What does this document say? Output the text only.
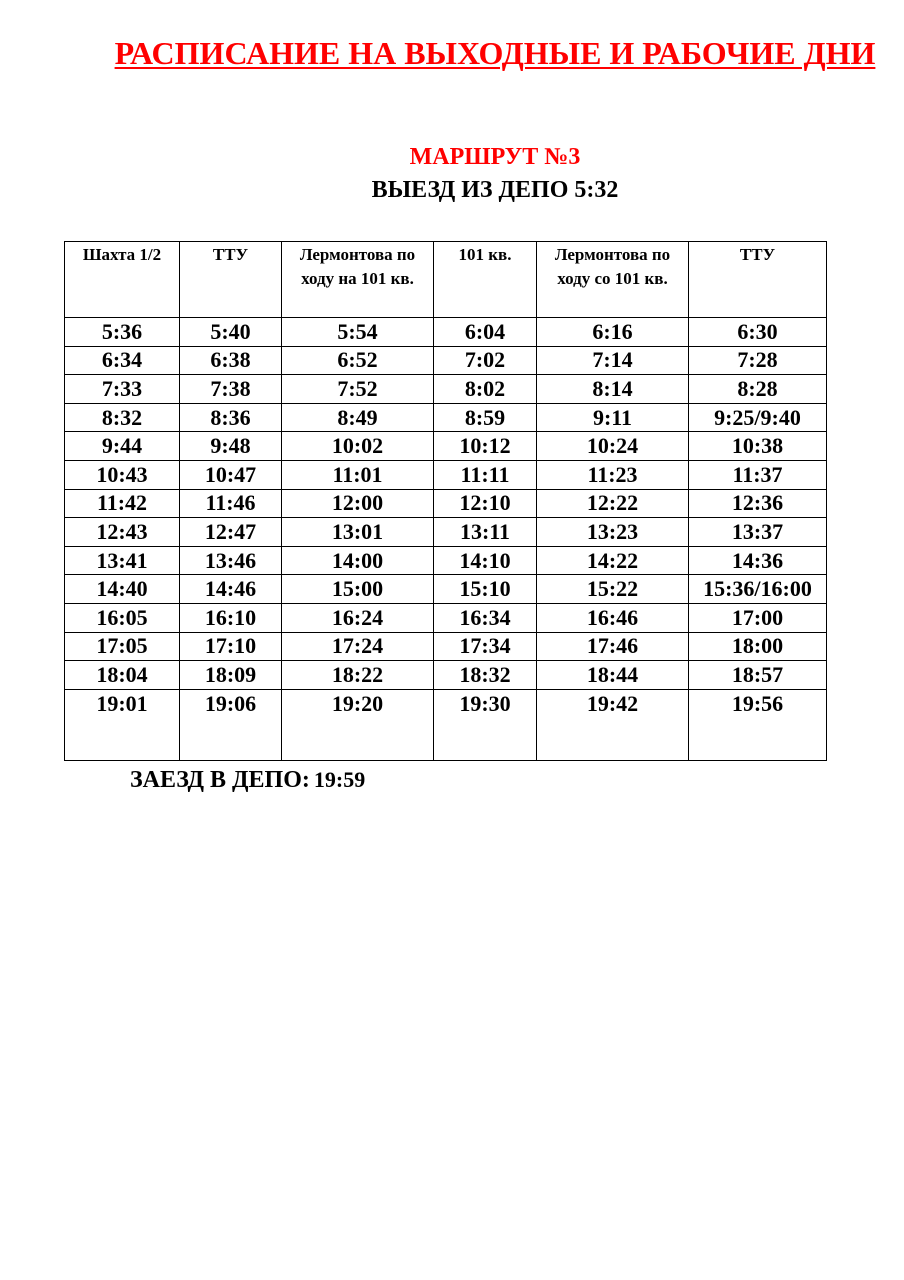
РАСПИСАНИЕ НА ВЫХОДНЫЕ И РАБОЧИЕ ДНИ
МАРШРУТ №3
ВЫЕЗД ИЗ ДЕПО 5:32
Шахта 1/2	ТТУ	Лермонтова по ходу на 101 кв.	101 кв.	Лермонтова по ходу со 101 кв.	ТТУ
5:36	5:40	5:54	6:04	6:16	6:30
6:34	6:38	6:52	7:02	7:14	7:28
7:33	7:38	7:52	8:02	8:14	8:28
8:32	8:36	8:49	8:59	9:11	9:25/9:40
9:44	9:48	10:02	10:12	10:24	10:38
10:43	10:47	11:01	11:11	11:23	11:37
11:42	11:46	12:00	12:10	12:22	12:36
12:43	12:47	13:01	13:11	13:23	13:37
13:41	13:46	14:00	14:10	14:22	14:36
14:40	14:46	15:00	15:10	15:22	15:36/16:00
16:05	16:10	16:24	16:34	16:46	17:00
17:05	17:10	17:24	17:34	17:46	18:00
18:04	18:09	18:22	18:32	18:44	18:57
19:01	19:06	19:20	19:30	19:42	19:56
ЗАЕЗД В ДЕПО: 19:59
